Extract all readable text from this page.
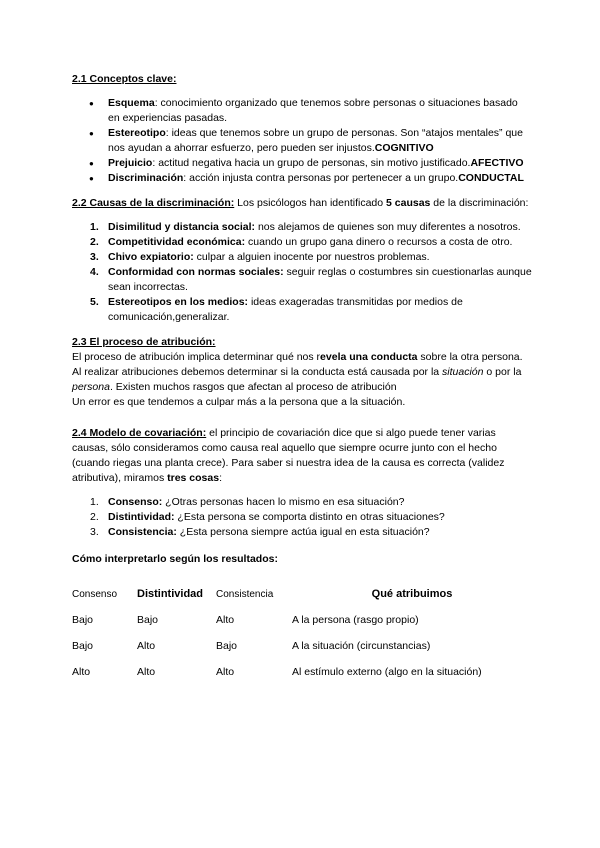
2.1 Conceptos clave:
● Esquema: conocimiento organizado que tenemos sobre personas o situaciones basado en experiencias pasadas.
● Estereotipo: ideas que tenemos sobre un grupo de personas. Son “atajos mentales” que nos ayudan a ahorrar esfuerzo, pero pueden ser injustos.COGNITIVO
● Prejuicio: actitud negativa hacia un grupo de personas, sin motivo justificado.AFECTIVO
● Discriminación: acción injusta contra personas por pertenecer a un grupo.CONDUCTAL

2.2 Causas de la discriminación: Los psicólogos han identificado 5 causas de la discriminación:

1. Disimilitud y distancia social: nos alejamos de quienes son muy diferentes a nosotros.
2. Competitividad económica: cuando un grupo gana dinero o recursos a costa de otro.
3. Chivo expiatorio: culpar a alguien inocente por nuestros problemas.
4. Conformidad con normas sociales: seguir reglas o costumbres sin cuestionarlas aunque sean incorrectas.
5. Estereotipos en los medios: ideas exageradas transmitidas por medios de comunicación,generalizar.
2.3 El proceso de atribución:

El proceso de atribución implica determinar qué nos revela una conducta sobre la otra persona. Al realizar atribuciones debemos determinar si la conducta está causada por la situación o por la persona. Existen muchos rasgos que afectan al proceso de atribución

Un error es que tendemos a culpar más a la persona que a la situación.

2.4 Modelo de covariación: el principio de covariación dice que si algo puede tener varias causas, sólo consideramos como causa real aquello que siempre ocurre junto con el hecho (cuando riegas una planta crece). Para saber si nuestra idea de la causa es correcta (validez atributiva), miramos tres cosas:

1. Consenso: ¿Otras personas hacen lo mismo en esa situación?
2. Distintividad: ¿Esta persona se comporta distinto en otras situaciones?
3. Consistencia: ¿Esta persona siempre actúa igual en esta situación?

Cómo interpretarlo según los resultados:

Consenso	Distintividad	Consistencia	Qué atribuimos
Bajo	Bajo	Alto	A la persona (rasgo propio)
Bajo	Alto	Bajo	A la situación (circunstancias)
Alto	Alto	Alto	Al estímulo externo (algo en la situación)
